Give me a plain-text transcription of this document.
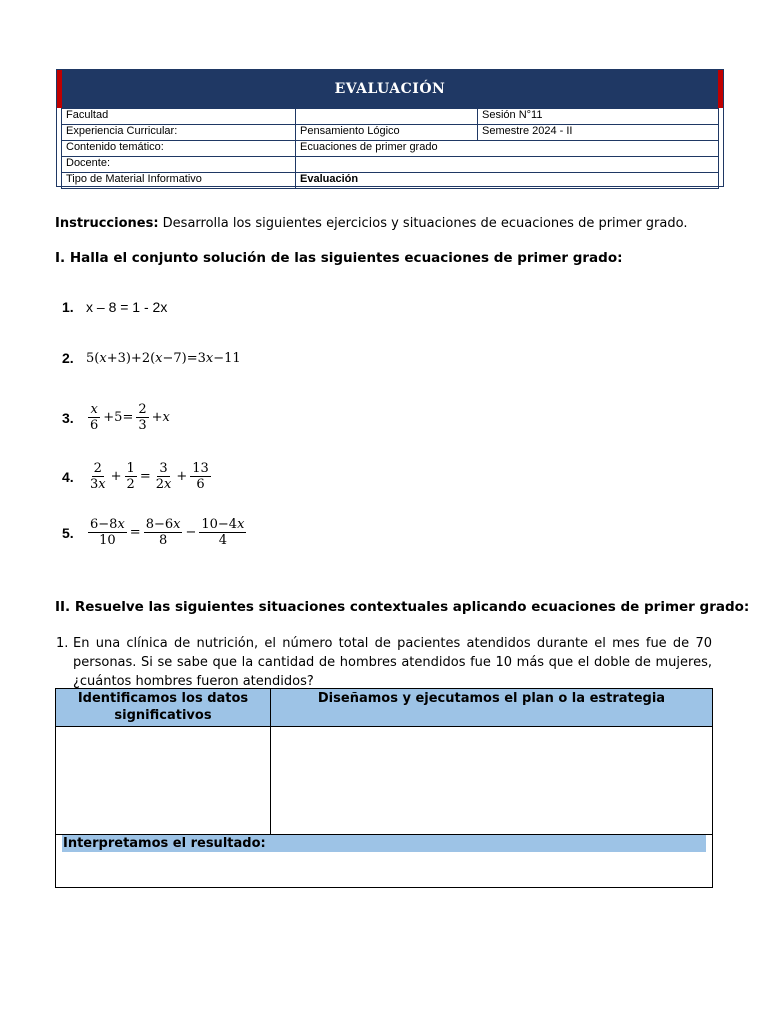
EVALUACIÓN
Facultad		Sesión N°11
Experiencia Curricular:	Pensamiento Lógico	Semestre 2024 - II
Contenido temático:	Ecuaciones de primer grado	
Docente:		
Tipo de Material Informativo	Evaluación	
Instrucciones: Desarrolla los siguientes ejercicios y situaciones de ecuaciones de primer grado.
I. Halla el conjunto solución de las siguientes ecuaciones de primer grado:
1. x – 8 = 1 - 2x
2. 5( x +3)+2( x −7)=3 x −11
3.	$\frac{x}{6} +5= \frac{2}{3} +x$
4.	$\frac{2}{3x} + \frac{1}{2} = \frac{3}{2x} + \frac{13}{6}$
5.	$\frac{6-8x}{10} = \frac{8-6x}{8} - \frac{10-4x}{4}$
II. Resuelve las siguientes situaciones contextuales aplicando ecuaciones de primer grado:
1. En una clínica de nutrición, el número total de pacientes atendidos durante el mes fue de 70 personas. Si se sabe que la cantidad de hombres atendidos fue 10 más que el doble de mujeres, ¿cuántos hombres fueron atendidos?
Identificamos los datos significativos	Diseñamos y ejecutamos el plan o la estrategia

Interpretamos el resultado:	
